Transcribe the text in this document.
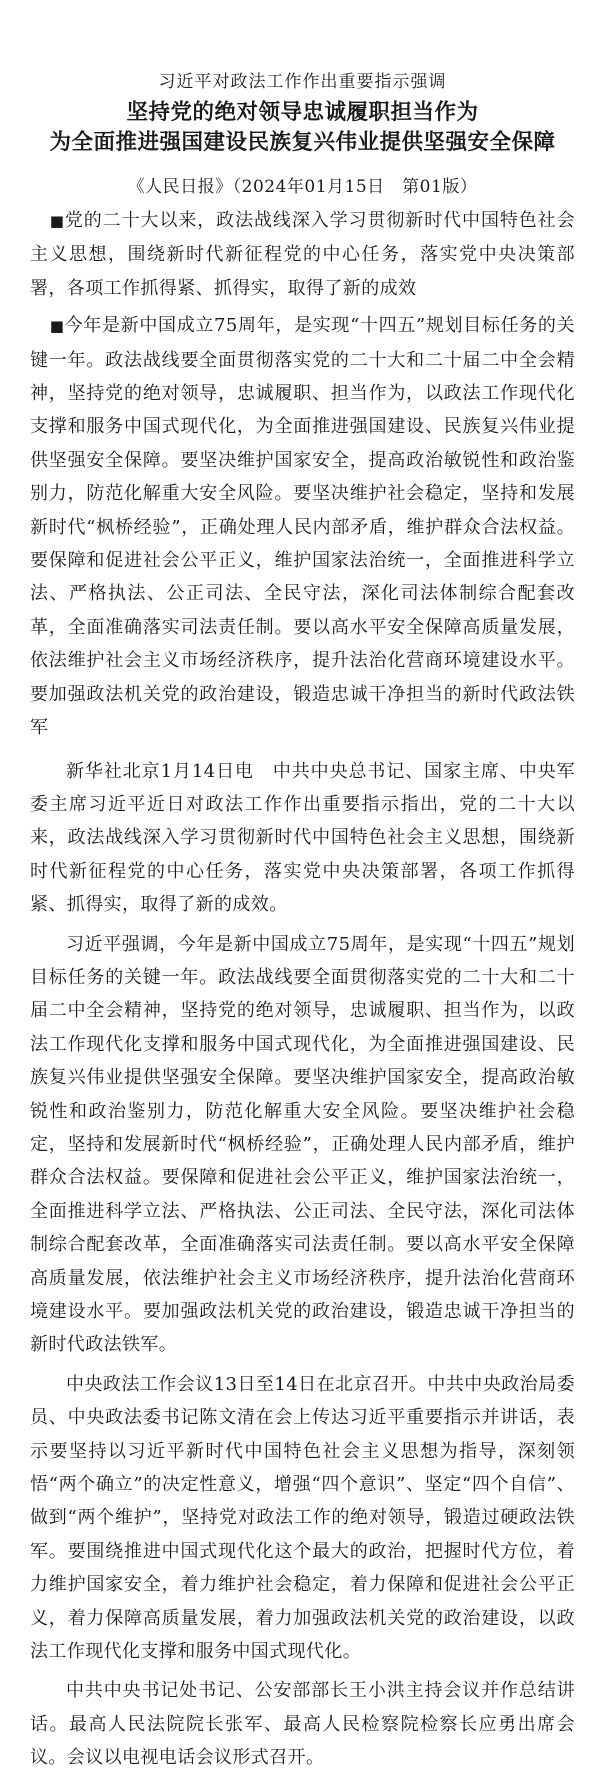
习近平对政法工作作出重要指示强调

坚持党的绝对领导忠诚履职担当作为

为全面推进强国建设民族复兴伟业提供坚强安全保障

《人民日报》（2024年01月15日　第01版）

■党的二十大以来，政法战线深入学习贯彻新时代中国特色社会主义思想，围绕新时代新征程党的中心任务，落实党中央决策部署，各项工作抓得紧、抓得实，取得了新的成效

■今年是新中国成立75周年，是实现“十四五”规划目标任务的关键一年。政法战线要全面贯彻落实党的二十大和二十届二中全会精神，坚持党的绝对领导，忠诚履职、担当作为，以政法工作现代化支撑和服务中国式现代化，为全面推进强国建设、民族复兴伟业提供坚强安全保障。要坚决维护国家安全，提高政治敏锐性和政治鉴别力，防范化解重大安全风险。要坚决维护社会稳定，坚持和发展新时代“枫桥经验”，正确处理人民内部矛盾，维护群众合法权益。要保障和促进社会公平正义，维护国家法治统一，全面推进科学立法、严格执法、公正司法、全民守法，深化司法体制综合配套改革，全面准确落实司法责任制。要以高水平安全保障高质量发展，依法维护社会主义市场经济秩序，提升法治化营商环境建设水平。要加强政法机关党的政治建设，锻造忠诚干净担当的新时代政法铁军

新华社北京1月14日电　中共中央总书记、国家主席、中央军委主席习近平近日对政法工作作出重要指示指出，党的二十大以来，政法战线深入学习贯彻新时代中国特色社会主义思想，围绕新时代新征程党的中心任务，落实党中央决策部署，各项工作抓得紧、抓得实，取得了新的成效。

习近平强调，今年是新中国成立75周年，是实现“十四五”规划目标任务的关键一年。政法战线要全面贯彻落实党的二十大和二十届二中全会精神，坚持党的绝对领导，忠诚履职、担当作为，以政法工作现代化支撑和服务中国式现代化，为全面推进强国建设、民族复兴伟业提供坚强安全保障。要坚决维护国家安全，提高政治敏锐性和政治鉴别力，防范化解重大安全风险。要坚决维护社会稳定，坚持和发展新时代“枫桥经验”，正确处理人民内部矛盾，维护群众合法权益。要保障和促进社会公平正义，维护国家法治统一，全面推进科学立法、严格执法、公正司法、全民守法，深化司法体制综合配套改革，全面准确落实司法责任制。要以高水平安全保障高质量发展，依法维护社会主义市场经济秩序，提升法治化营商环境建设水平。要加强政法机关党的政治建设，锻造忠诚干净担当的新时代政法铁军。

中央政法工作会议13日至14日在北京召开。中共中央政治局委员、中央政法委书记陈文清在会上传达习近平重要指示并讲话，表示要坚持以习近平新时代中国特色社会主义思想为指导，深刻领悟“两个确立”的决定性意义，增强“四个意识”、坚定“四个自信”、做到“两个维护”，坚持党对政法工作的绝对领导，锻造过硬政法铁军。要围绕推进中国式现代化这个最大的政治，把握时代方位，着力维护国家安全，着力维护社会稳定，着力保障和促进社会公平正义，着力保障高质量发展，着力加强政法机关党的政治建设，以政法工作现代化支撑和服务中国式现代化。

中共中央书记处书记、公安部部长王小洪主持会议并作总结讲话。最高人民法院院长张军、最高人民检察院检察长应勇出席会议。会议以电视电话会议形式召开。
